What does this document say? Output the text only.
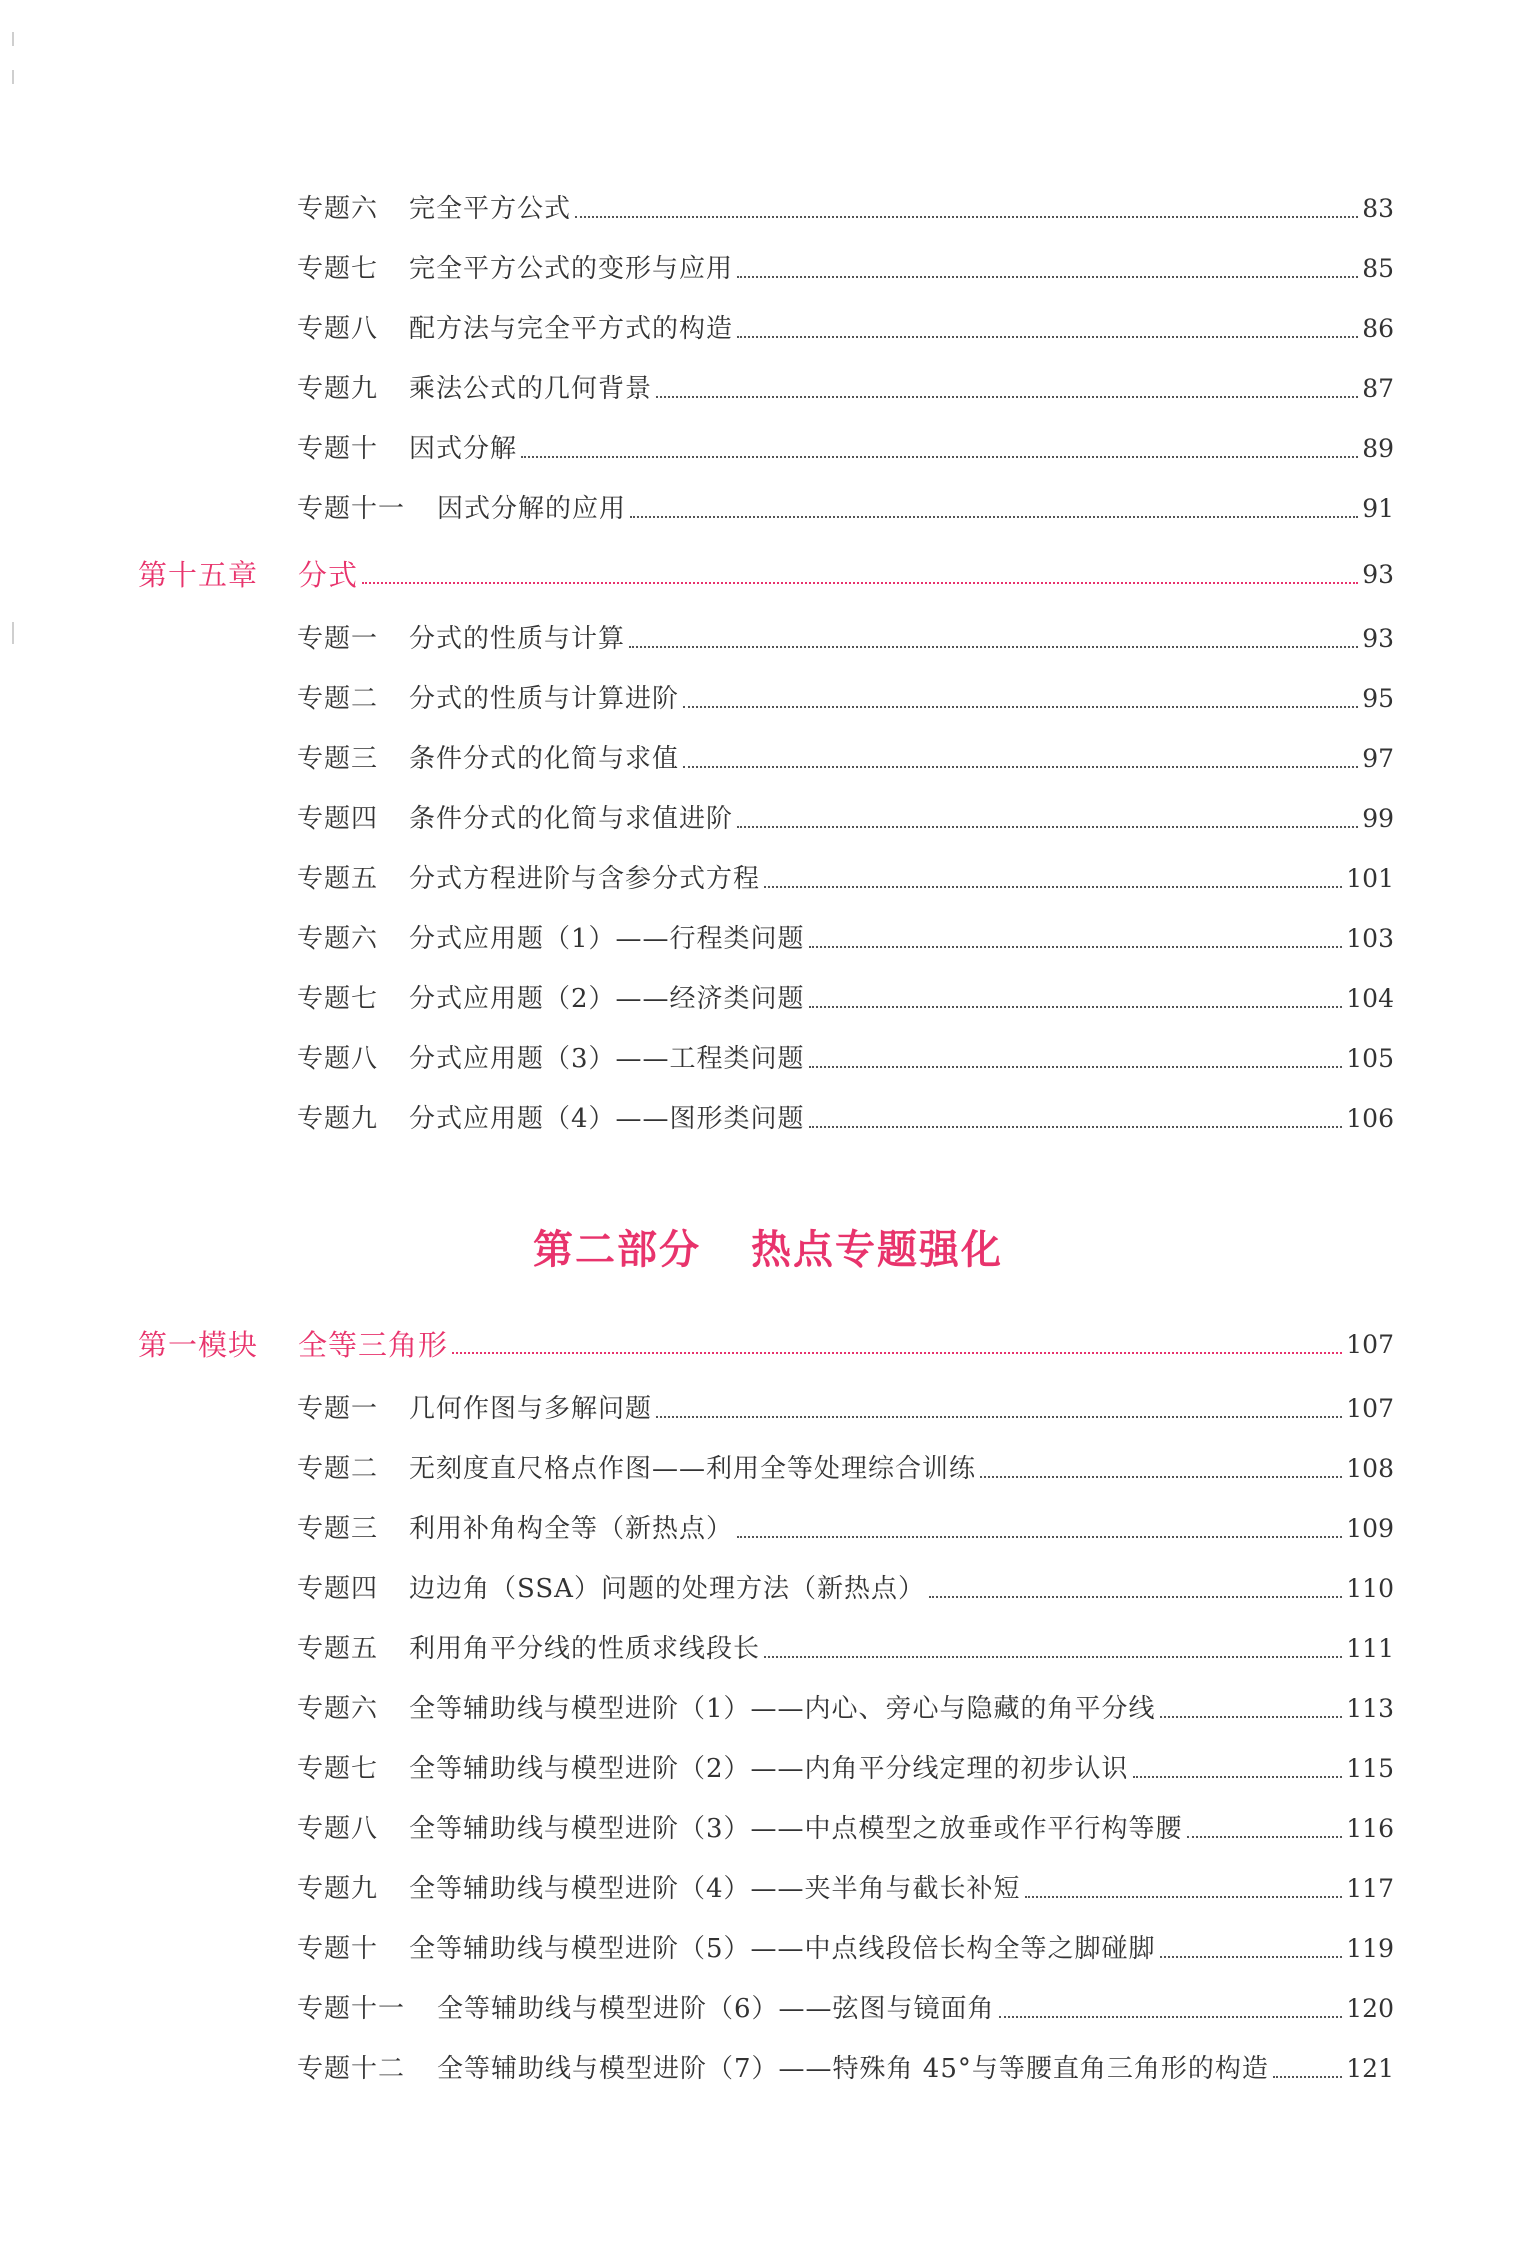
专题六	完全平方公式	83
专题七	完全平方公式的变形与应用	85
专题八	配方法与完全平方式的构造	86
专题九	乘法公式的几何背景	87
专题十	因式分解	89
专题十一	因式分解的应用	91
第十五章	分式	93
专题一	分式的性质与计算	93
专题二	分式的性质与计算进阶	95
专题三	条件分式的化简与求值	97
专题四	条件分式的化简与求值进阶	99
专题五	分式方程进阶与含参分式方程	101
专题六	分式应用题（1）——行程类问题	103
专题七	分式应用题（2）——经济类问题	104
专题八	分式应用题（3）——工程类问题	105
专题九	分式应用题（4）——图形类问题	106
第二部分 热点专题强化
第一模块	全等三角形	107
专题一	几何作图与多解问题	107
专题二	无刻度直尺格点作图——利用全等处理综合训练	108
专题三	利用补角构全等（新热点）	109
专题四	边边角（SSA）问题的处理方法（新热点）	110
专题五	利用角平分线的性质求线段长	111
专题六	全等辅助线与模型进阶（1）——内心、旁心与隐藏的角平分线	113
专题七	全等辅助线与模型进阶（2）——内角平分线定理的初步认识	115
专题八	全等辅助线与模型进阶（3）——中点模型之放垂或作平行构等腰	116
专题九	全等辅助线与模型进阶（4）——夹半角与截长补短	117
专题十	全等辅助线与模型进阶（5）——中点线段倍长构全等之脚碰脚	119
专题十一	全等辅助线与模型进阶（6）——弦图与镜面角	120
专题十二	全等辅助线与模型进阶（7）——特殊角 45°与等腰直角三角形的构造	121
